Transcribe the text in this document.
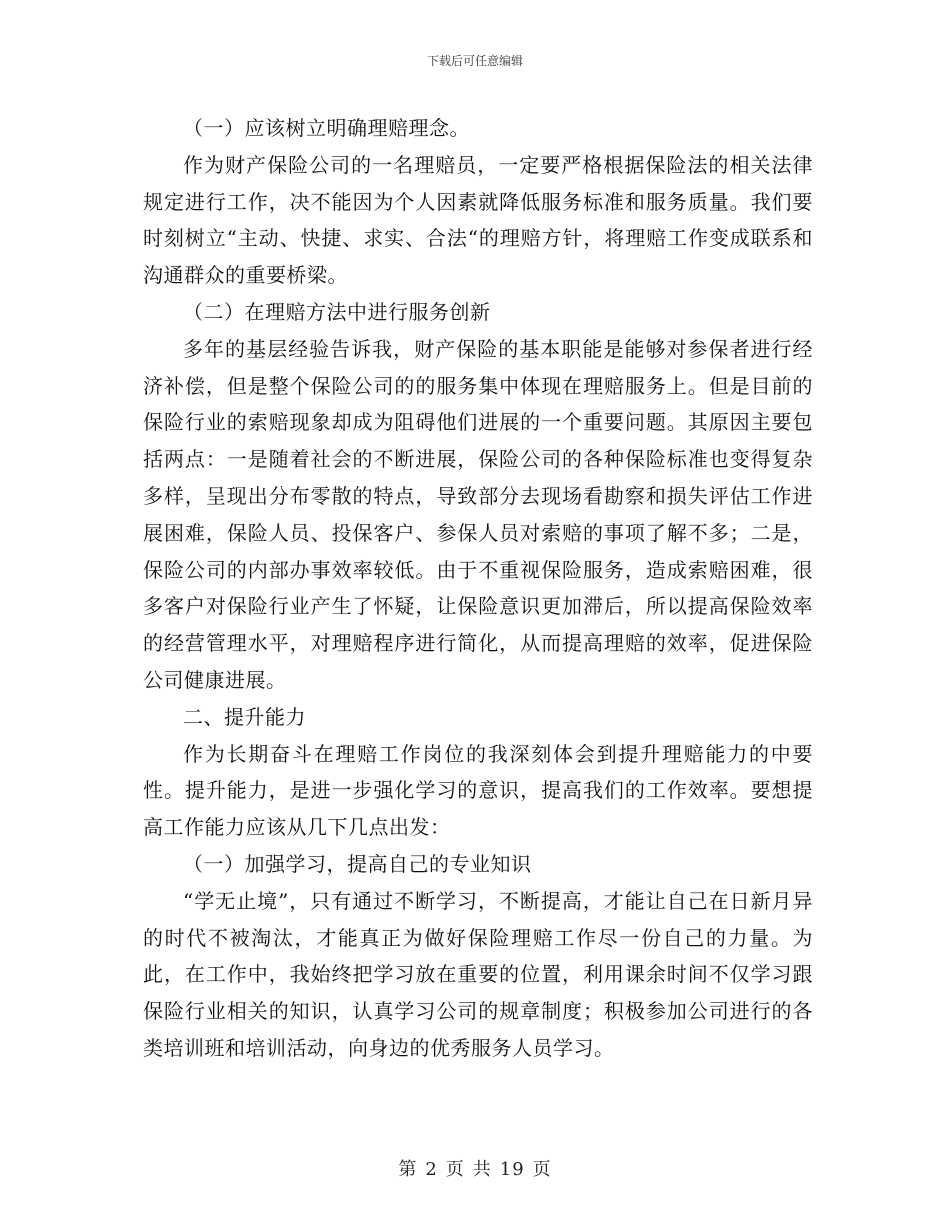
下载后可任意编辑

（一）应该树立明确理赔理念。

作为财产保险公司的一名理赔员，一定要严格根据保险法的相关法律规定进行工作，决不能因为个人因素就降低服务标准和服务质量。我们要时刻树立“主动、快捷、求实、合法“的理赔方针，将理赔工作变成联系和沟通群众的重要桥梁。

（二）在理赔方法中进行服务创新

多年的基层经验告诉我，财产保险的基本职能是能够对参保者进行经济补偿，但是整个保险公司的的服务集中体现在理赔服务上。但是目前的保险行业的索赔现象却成为阻碍他们进展的一个重要问题。其原因主要包括两点：一是随着社会的不断进展，保险公司的各种保险标准也变得复杂多样，呈现出分布零散的特点，导致部分去现场看勘察和损失评估工作进展困难，保险人员、投保客户、参保人员对索赔的事项了解不多；二是，保险公司的内部办事效率较低。由于不重视保险服务，造成索赔困难，很多客户对保险行业产生了怀疑，让保险意识更加滞后，所以提高保险效率的经营管理水平，对理赔程序进行简化，从而提高理赔的效率，促进保险公司健康进展。

二、提升能力

作为长期奋斗在理赔工作岗位的我深刻体会到提升理赔能力的中要性。提升能力，是进一步强化学习的意识，提高我们的工作效率。要想提高工作能力应该从几下几点出发：

（一）加强学习，提高自己的专业知识

“学无止境”，只有通过不断学习，不断提高，才能让自己在日新月异的时代不被淘汰，才能真正为做好保险理赔工作尽一份自己的力量。为此，在工作中，我始终把学习放在重要的位置，利用课余时间不仅学习跟保险行业相关的知识，认真学习公司的规章制度；积极参加公司进行的各类培训班和培训活动，向身边的优秀服务人员学习。

第 2 页 共 19 页
